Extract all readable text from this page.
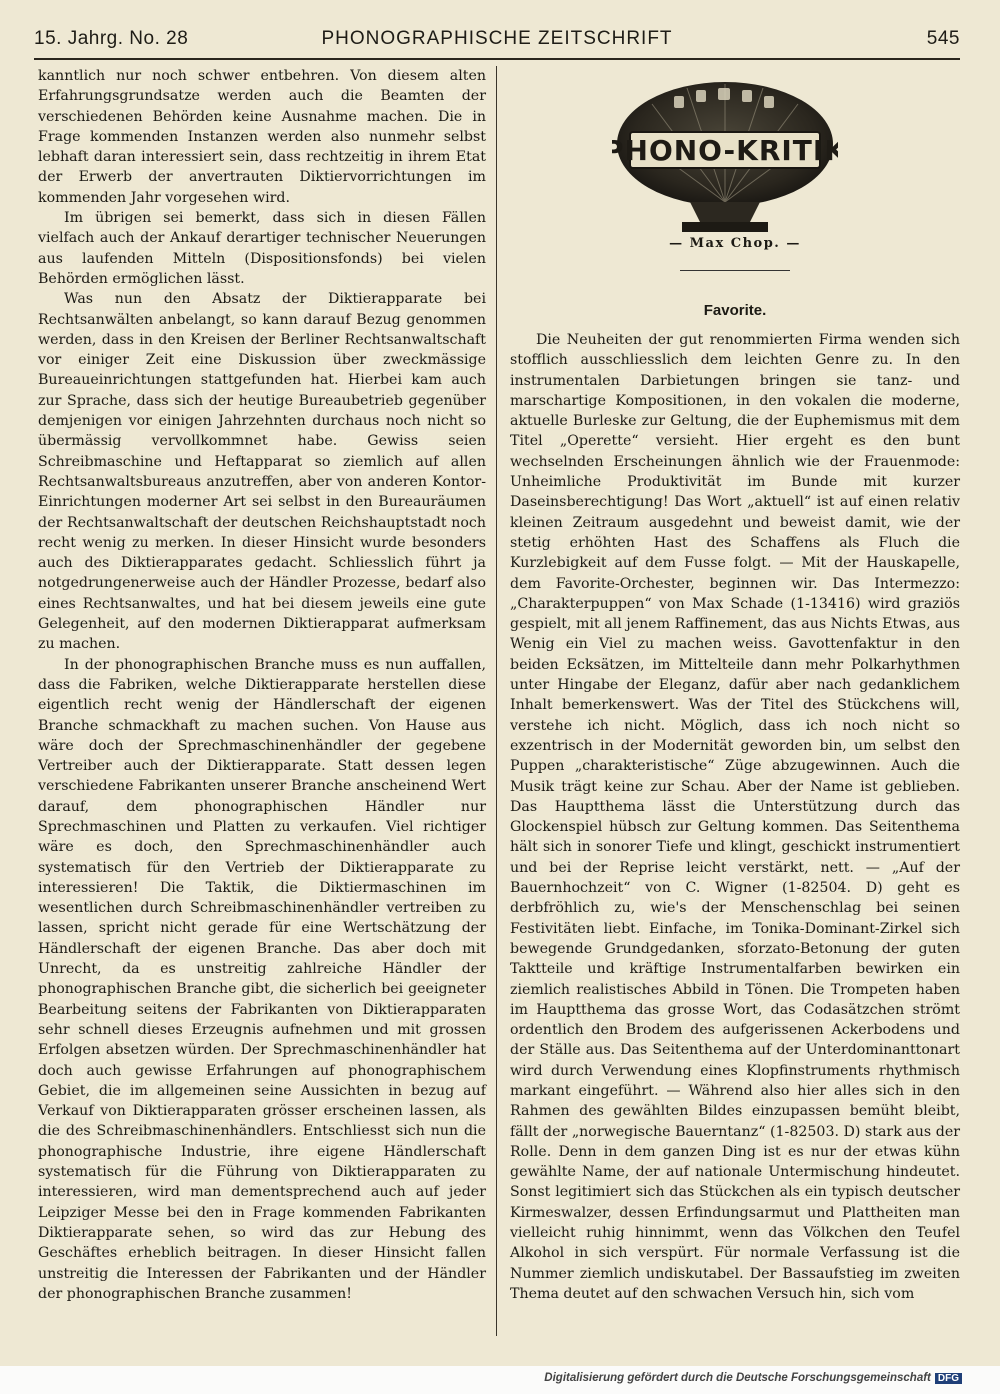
15. Jahrg. No. 28	PHONOGRAPHISCHE ZEITSCHRIFT	545

kanntlich nur noch schwer entbehren. Von diesem alten Erfahrungsgrundsatze werden auch die Beamten der verschiedenen Behörden keine Ausnahme machen. Die in Frage kommenden Instanzen werden also nunmehr selbst lebhaft daran interessiert sein, dass rechtzeitig in ihrem Etat der Erwerb der anvertrauten Diktiervorrichtungen im kommenden Jahr vorgesehen wird.

Im übrigen sei bemerkt, dass sich in diesen Fällen vielfach auch der Ankauf derartiger technischer Neuerungen aus laufenden Mitteln (Dispositionsfonds) bei vielen Behörden ermöglichen lässt.

Was nun den Absatz der Diktierapparate bei Rechtsanwälten anbelangt, so kann darauf Bezug genommen werden, dass in den Kreisen der Berliner Rechtsanwaltschaft vor einiger Zeit eine Diskussion über zweckmässige Bureaueinrichtungen stattgefunden hat. Hierbei kam auch zur Sprache, dass sich der heutige Bureaubetrieb gegenüber demjenigen vor einigen Jahrzehnten durchaus noch nicht so übermässig vervollkommnet habe. Gewiss seien Schreibmaschine und Heftapparat so ziemlich auf allen Rechtsanwaltsbureaus anzutreffen, aber von anderen Kontor-Einrichtungen moderner Art sei selbst in den Bureauräumen der Rechtsanwaltschaft der deutschen Reichshauptstadt noch recht wenig zu merken. In dieser Hinsicht wurde besonders auch des Diktierapparates gedacht. Schliesslich führt ja notgedrungenerweise auch der Händler Prozesse, bedarf also eines Rechtsanwaltes, und hat bei diesem jeweils eine gute Gelegenheit, auf den modernen Diktierapparat aufmerksam zu machen.

In der phonographischen Branche muss es nun auffallen, dass die Fabriken, welche Diktierapparate herstellen diese eigentlich recht wenig der Händlerschaft der eigenen Branche schmackhaft zu machen suchen. Von Hause aus wäre doch der Sprechmaschinenhändler der gegebene Vertreiber auch der Diktierapparate. Statt dessen legen verschiedene Fabrikanten unserer Branche anscheinend Wert darauf, dem phonographischen Händler nur Sprechmaschinen und Platten zu verkaufen. Viel richtiger wäre es doch, den Sprechmaschinenhändler auch systematisch für den Vertrieb der Diktierapparate zu interessieren! Die Taktik, die Diktiermaschinen im wesentlichen durch Schreibmaschinenhändler vertreiben zu lassen, spricht nicht gerade für eine Wertschätzung der Händlerschaft der eigenen Branche. Das aber doch mit Unrecht, da es unstreitig zahlreiche Händler der phonographischen Branche gibt, die sicherlich bei geeigneter Bearbeitung seitens der Fabrikanten von Diktierapparaten sehr schnell dieses Erzeugnis aufnehmen und mit grossen Erfolgen absetzen würden. Der Sprechmaschinenhändler hat doch auch gewisse Erfahrungen auf phonographischem Gebiet, die im allgemeinen seine Aussichten in bezug auf Verkauf von Diktierapparaten grösser erscheinen lassen, als die des Schreibmaschinenhändlers. Entschliesst sich nun die phonographische Industrie, ihre eigene Händlerschaft systematisch für die Führung von Diktierapparaten zu interessieren, wird man dementsprechend auch auf jeder Leipziger Messe bei den in Frage kommenden Fabrikanten Diktierapparate sehen, so wird das zur Hebung des Geschäftes erheblich beitragen. In dieser Hinsicht fallen unstreitig die Interessen der Fabrikanten und der Händler der phonographischen Branche zusammen!

PHONO-KRITIK
— Max Chop. —
Favorite.

Die Neuheiten der gut renommierten Firma wenden sich stofflich ausschliesslich dem leichten Genre zu. In den instrumentalen Darbietungen bringen sie tanz- und marschartige Kompositionen, in den vokalen die moderne, aktuelle Burleske zur Geltung, die der Euphemismus mit dem Titel „Operette“ versieht. Hier ergeht es den bunt wechselnden Erscheinungen ähnlich wie der Frauenmode: Unheimliche Produktivität im Bunde mit kurzer Daseinsberechtigung! Das Wort „aktuell“ ist auf einen relativ kleinen Zeitraum ausgedehnt und beweist damit, wie der stetig erhöhten Hast des Schaffens als Fluch die Kurzlebigkeit auf dem Fusse folgt. — Mit der Hauskapelle, dem Favorite-Orchester, beginnen wir. Das Intermezzo: „Charakterpuppen“ von Max Schade (1-13416) wird graziös gespielt, mit all jenem Raffinement, das aus Nichts Etwas, aus Wenig ein Viel zu machen weiss. Gavottenfaktur in den beiden Ecksätzen, im Mittelteile dann mehr Polkarhythmen unter Hingabe der Eleganz, dafür aber nach gedanklichem Inhalt bemerkenswert. Was der Titel des Stückchens will, verstehe ich nicht. Möglich, dass ich noch nicht so exzentrisch in der Modernität geworden bin, um selbst den Puppen „charakteristische“ Züge abzugewinnen. Auch die Musik trägt keine zur Schau. Aber der Name ist geblieben. Das Hauptthema lässt die Unterstützung durch das Glockenspiel hübsch zur Geltung kommen. Das Seitenthema hält sich in sonorer Tiefe und klingt, geschickt instrumentiert und bei der Reprise leicht verstärkt, nett. — „Auf der Bauernhochzeit“ von C. Wigner (1-82504. D) geht es derbfröhlich zu, wie's der Menschenschlag bei seinen Festivitäten liebt. Einfache, im Tonika-Dominant-Zirkel sich bewegende Grundgedanken, sforzato-Betonung der guten Taktteile und kräftige Instrumentalfarben bewirken ein ziemlich realistisches Abbild in Tönen. Die Trompeten haben im Hauptthema das grosse Wort, das Codasätzchen strömt ordentlich den Brodem des aufgerissenen Ackerbodens und der Ställe aus. Das Seitenthema auf der Unterdominanttonart wird durch Verwendung eines Klopfinstruments rhythmisch markant eingeführt. — Während also hier alles sich in den Rahmen des gewählten Bildes einzupassen bemüht bleibt, fällt der „norwegische Bauerntanz“ (1-82503. D) stark aus der Rolle. Denn in dem ganzen Ding ist es nur der etwas kühn gewählte Name, der auf nationale Untermischung hindeutet. Sonst legitimiert sich das Stückchen als ein typisch deutscher Kirmeswalzer, dessen Erfindungsarmut und Plattheiten man vielleicht ruhig hinnimmt, wenn das Völkchen den Teufel Alkohol in sich verspürt. Für normale Verfassung ist die Nummer ziemlich undiskutabel. Der Bassaufstieg im zweiten Thema deutet auf den schwachen Versuch hin, sich vom

Digitalisierung gefördert durch die Deutsche Forschungsgemeinschaft DFG
